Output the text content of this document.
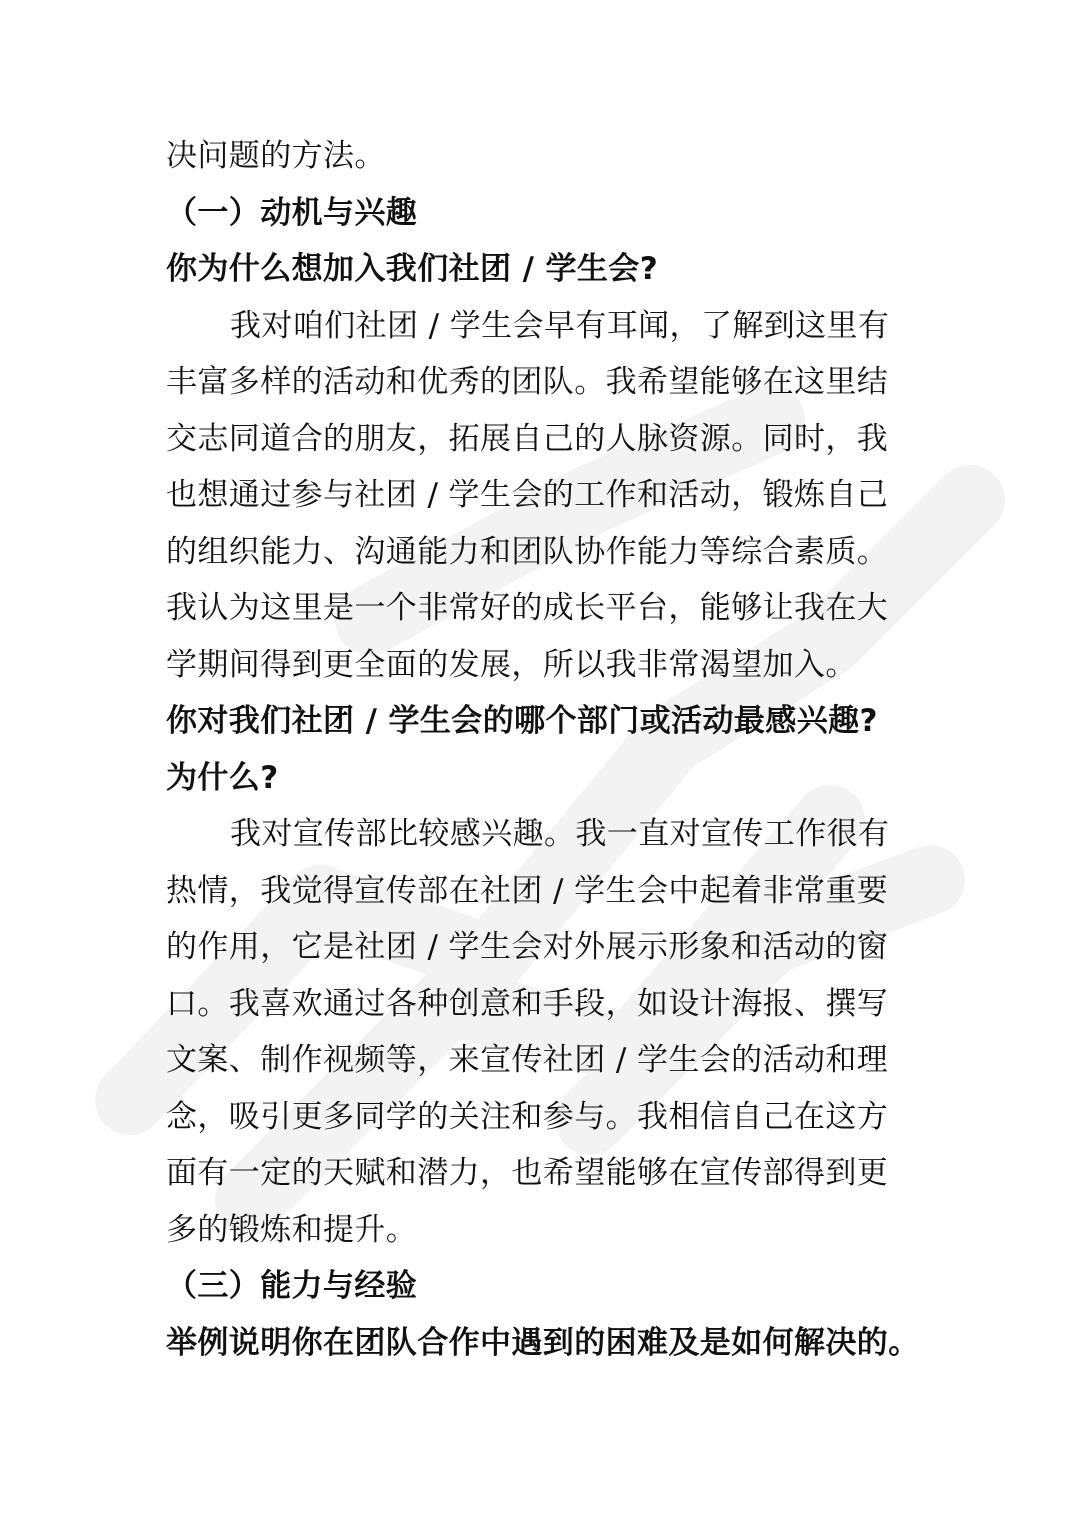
决问题的方法。
（一）动机与兴趣
你为什么想加入我们社团 / 学生会?
我对咱们社团 / 学生会早有耳闻，了解到这里有
丰富多样的活动和优秀的团队。我希望能够在这里结
交志同道合的朋友，拓展自己的人脉资源。同时，我
也想通过参与社团 / 学生会的工作和活动，锻炼自己
的组织能力、沟通能力和团队协作能力等综合素质。
我认为这里是一个非常好的成长平台，能够让我在大
学期间得到更全面的发展，所以我非常渴望加入。
你对我们社团 / 学生会的哪个部门或活动最感兴趣?
为什么?
我对宣传部比较感兴趣。我一直对宣传工作很有
热情，我觉得宣传部在社团 / 学生会中起着非常重要
的作用，它是社团 / 学生会对外展示形象和活动的窗
口。我喜欢通过各种创意和手段，如设计海报、撰写
文案、制作视频等，来宣传社团 / 学生会的活动和理
念，吸引更多同学的关注和参与。我相信自己在这方
面有一定的天赋和潜力，也希望能够在宣传部得到更
多的锻炼和提升。
（三）能力与经验
举例说明你在团队合作中遇到的困难及是如何解决的。
